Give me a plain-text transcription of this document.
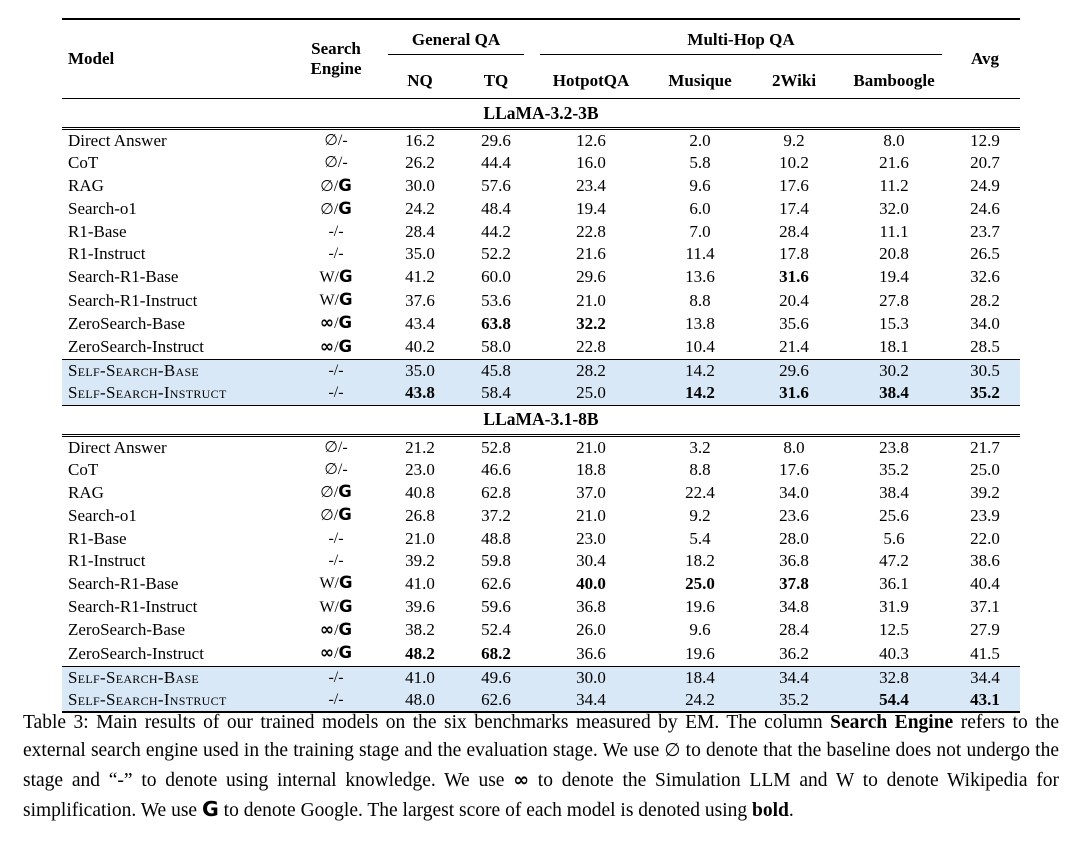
Model	Search Engine	General QA		Multi-Hop QA				Avg
		NQ	TQ	HotpotQA	Musique	2Wiki	Bamboogle	
LLaMA-3.2-3B								
Direct Answer	∅/-	16.2	29.6	12.6	2.0	9.2	8.0	12.9
CoT	∅/-	26.2	44.4	16.0	5.8	10.2	21.6	20.7
RAG	∅/G	30.0	57.6	23.4	9.6	17.6	11.2	24.9
Search-o1	∅/G	24.2	48.4	19.4	6.0	17.4	32.0	24.6
R1-Base	-/-	28.4	44.2	22.8	7.0	28.4	11.1	23.7
R1-Instruct	-/-	35.0	52.2	21.6	11.4	17.8	20.8	26.5
Search-R1-Base	W/G	41.2	60.0	29.6	13.6	31.6	19.4	32.6
Search-R1-Instruct	W/G	37.6	53.6	21.0	8.8	20.4	27.8	28.2
ZeroSearch-Base	∞/G	43.4	63.8	32.2	13.8	35.6	15.3	34.0
ZeroSearch-Instruct	∞/G	40.2	58.0	22.8	10.4	21.4	18.1	28.5
Self-Search-Base	-/-	35.0	45.8	28.2	14.2	29.6	30.2	30.5
Self-Search-Instruct	-/-	43.8	58.4	25.0	14.2	31.6	38.4	35.2
LLaMA-3.1-8B								
Direct Answer	∅/-	21.2	52.8	21.0	3.2	8.0	23.8	21.7
CoT	∅/-	23.0	46.6	18.8	8.8	17.6	35.2	25.0
RAG	∅/G	40.8	62.8	37.0	22.4	34.0	38.4	39.2
Search-o1	∅/G	26.8	37.2	21.0	9.2	23.6	25.6	23.9
R1-Base	-/-	21.0	48.8	23.0	5.4	28.0	5.6	22.0
R1-Instruct	-/-	39.2	59.8	30.4	18.2	36.8	47.2	38.6
Search-R1-Base	W/G	41.0	62.6	40.0	25.0	37.8	36.1	40.4
Search-R1-Instruct	W/G	39.6	59.6	36.8	19.6	34.8	31.9	37.1
ZeroSearch-Base	∞/G	38.2	52.4	26.0	9.6	28.4	12.5	27.9
ZeroSearch-Instruct	∞/G	48.2	68.2	36.6	19.6	36.2	40.3	41.5
Self-Search-Base	-/-	41.0	49.6	30.0	18.4	34.4	32.8	34.4
Self-Search-Instruct	-/-	48.0	62.6	34.4	24.2	35.2	54.4	43.1

Table 3: Main results of our trained models on the six benchmarks measured by EM. The column Search Engine refers to the external search engine used in the training stage and the evaluation stage. We use ∅ to denote that the baseline does not undergo the stage and “-” to denote using internal knowledge. We use ∞ to denote the Simulation LLM and W to denote Wikipedia for simplification. We use G to denote Google. The largest score of each model is denoted using bold.
